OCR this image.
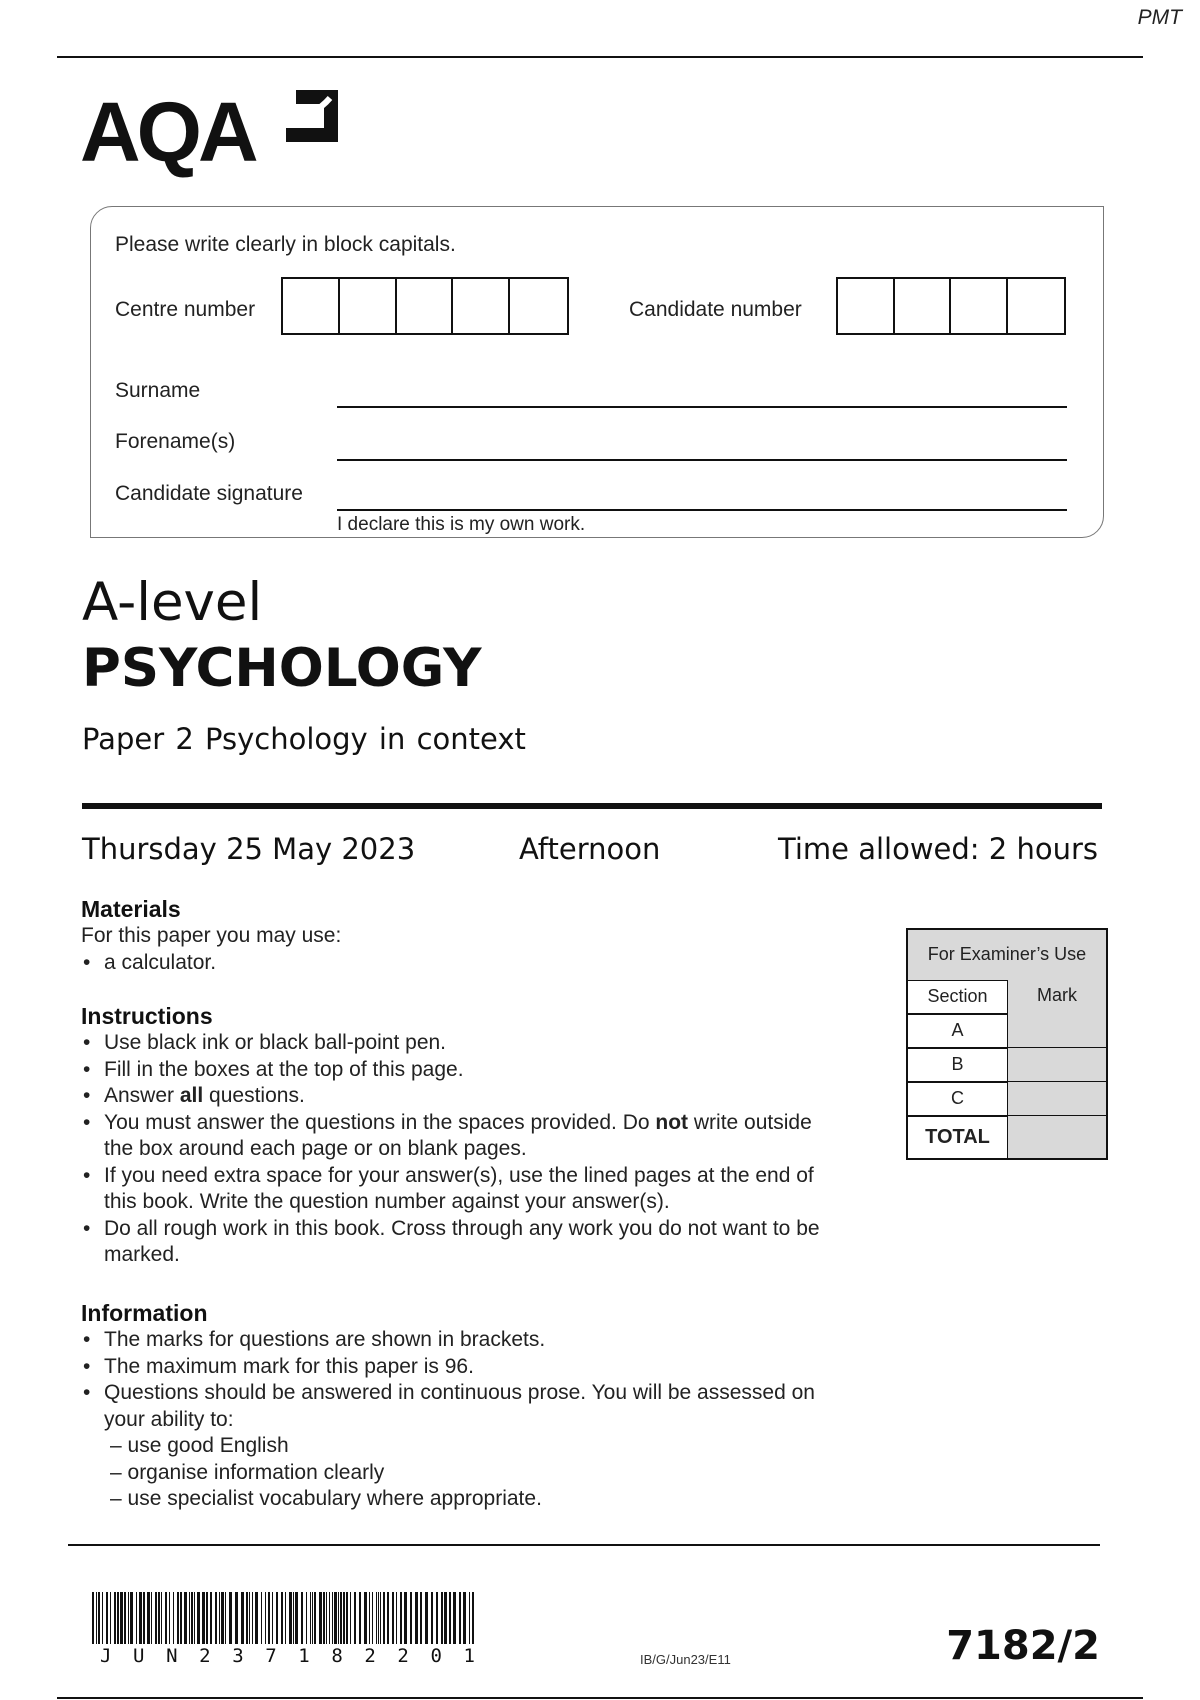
PMT
AQA
Please write clearly in block capitals.
Centre number	Candidate number
Surname
Forename(s)
Candidate signature
I declare this is my own work.
A-level
PSYCHOLOGY
Paper 2 Psychology in context
Thursday 25 May 2023	Afternoon	Time allowed: 2 hours
Materials
For this paper you may use:
• a calculator.
Instructions
• Use black ink or black ball-point pen.
• Fill in the boxes at the top of this page.
• Answer all questions.
• You must answer the questions in the spaces provided. Do not write outside the box around each page or on blank pages.
• If you need extra space for your answer(s), use the lined pages at the end of this book. Write the question number against your answer(s).
• Do all rough work in this book. Cross through any work you do not want to be marked.
Information
• The marks for questions are shown in brackets.
• The maximum mark for this paper is 96.
• Questions should be answered in continuous prose. You will be assessed on your ability to:
– use good English
– organise information clearly
– use specialist vocabulary where appropriate.
For Examiner’s Use
Section	Mark
A
B
C
TOTAL
J U N 2 3 7 1 8 2 2 0 1	IB/G/Jun23/E11	7182/2
